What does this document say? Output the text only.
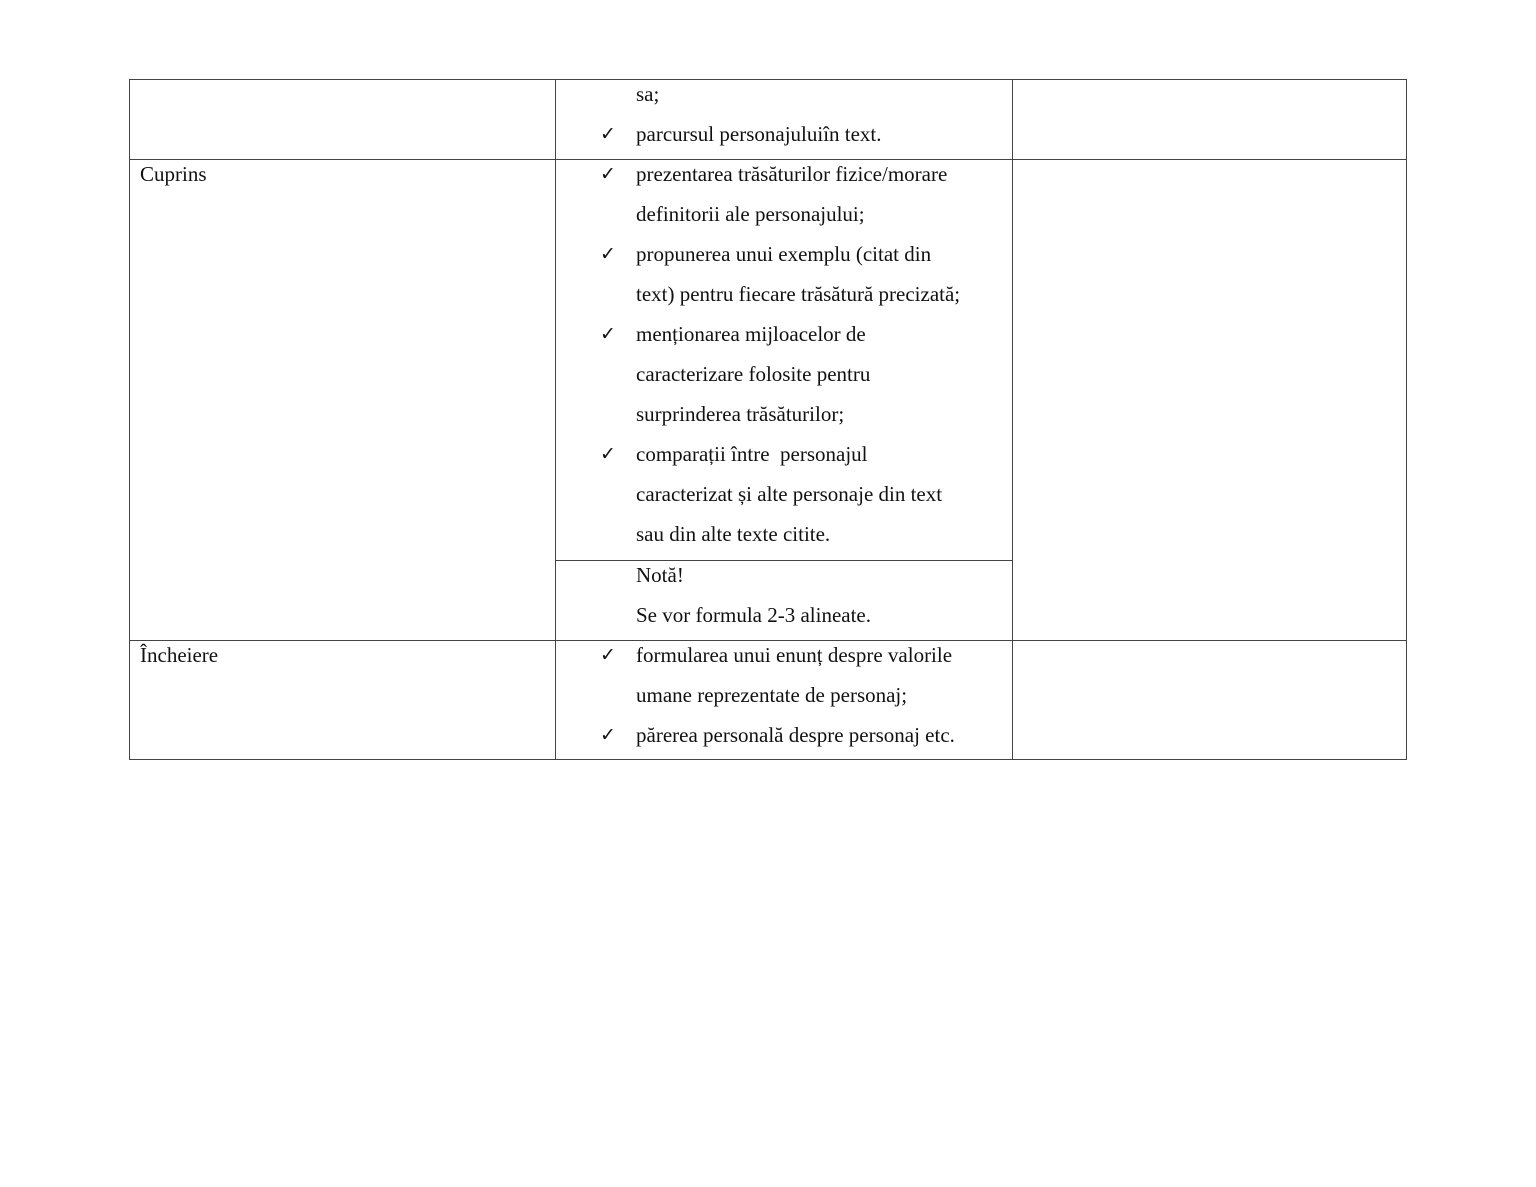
Cuprins
Încheiere
sa;
✓ parcursul personajuluiîn text.
✓ prezentarea trăsăturilor fizice/morare
definitorii ale personajului;
✓ propunerea unui exemplu (citat din
text) pentru fiecare trăsătură precizată;
✓ menționarea mijloacelor de
caracterizare folosite pentru
surprinderea trăsăturilor;
✓ comparații între  personajul
caracterizat și alte personaje din text
sau din alte texte citite.
Notă!
Se vor formula 2-3 alineate.
✓ formularea unui enunț despre valorile
umane reprezentate de personaj;
✓ părerea personală despre personaj etc.
